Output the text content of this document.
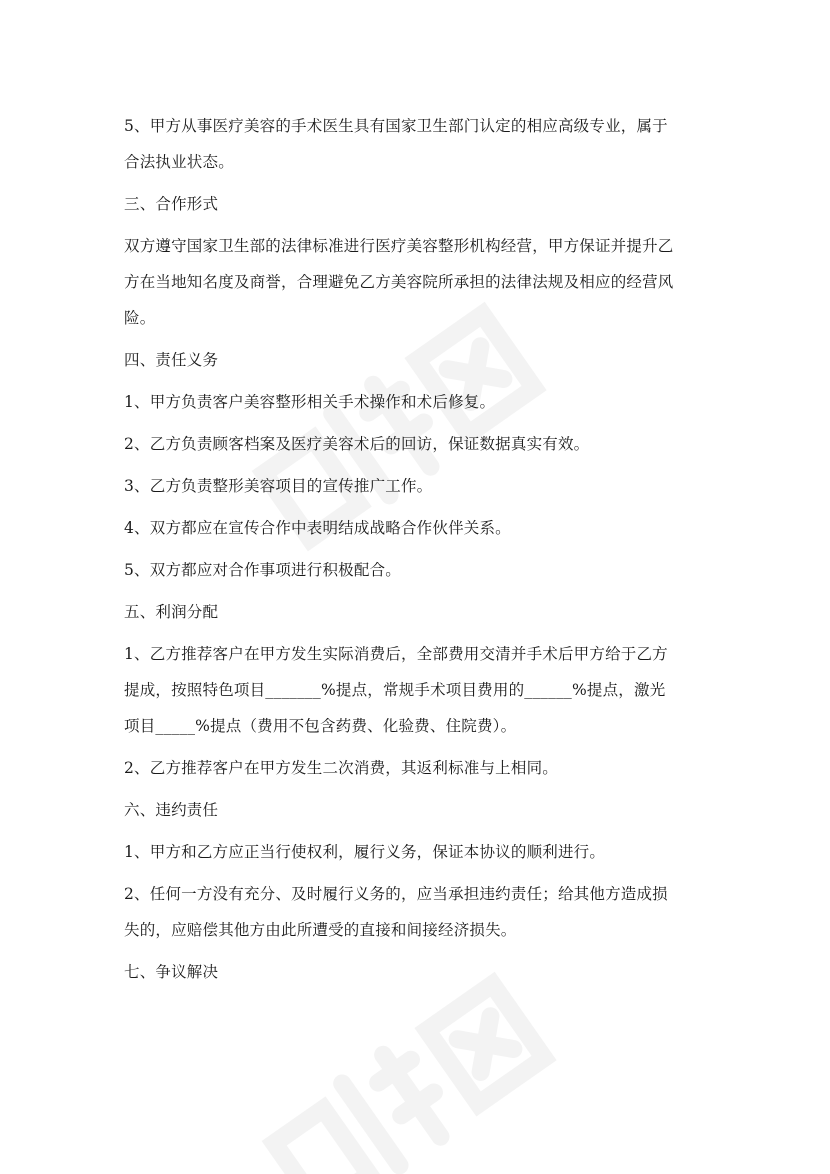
5、甲方从事医疗美容的手术医生具有国家卫生部门认定的相应高级专业，属于

合法执业状态。

三、合作形式

双方遵守国家卫生部的法律标准进行医疗美容整形机构经营，甲方保证并提升乙

方在当地知名度及商誉，合理避免乙方美容院所承担的法律法规及相应的经营风

险。

四、责任义务

1、甲方负责客户美容整形相关手术操作和术后修复。

2、乙方负责顾客档案及医疗美容术后的回访，保证数据真实有效。

3、乙方负责整形美容项目的宣传推广工作。

4、双方都应在宣传合作中表明结成战略合作伙伴关系。

5、双方都应对合作事项进行积极配合。

五、利润分配

1、乙方推荐客户在甲方发生实际消费后，全部费用交清并手术后甲方给于乙方

提成，按照特色项目_______%提点，常规手术项目费用的______%提点，激光

项目_____%提点（费用不包含药费、化验费、住院费）。

2、乙方推荐客户在甲方发生二次消费，其返利标准与上相同。

六、违约责任

1、甲方和乙方应正当行使权利，履行义务，保证本协议的顺利进行。

2、任何一方没有充分、及时履行义务的，应当承担违约责任；给其他方造成损

失的，应赔偿其他方由此所遭受的直接和间接经济损失。

七、争议解决
